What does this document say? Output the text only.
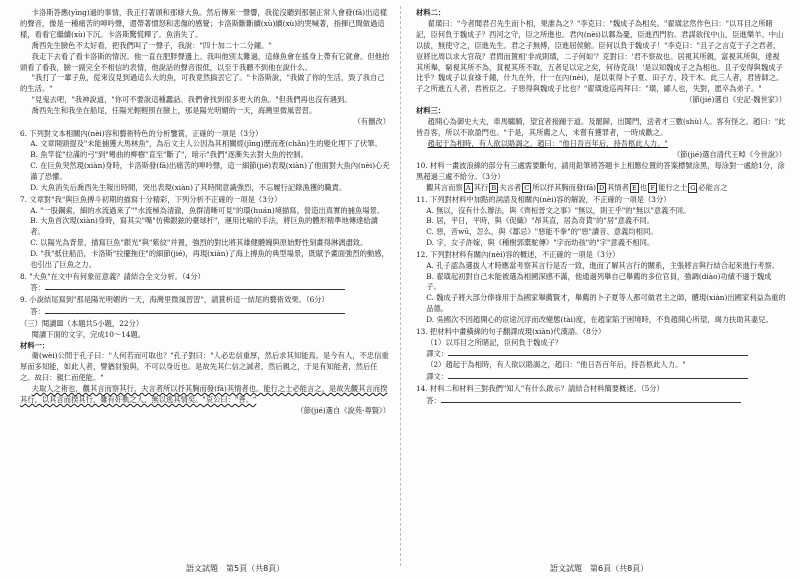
卡洛斯答應(yīng)過的事情，我正打著頭和那條大魚。然后傳來一聲響，我從沒聽到那個正常人會發(fā)出這樣的聲音，像是一種痛苦的呻吟聲，還帶著憤怒和悲傷的感覺；卡洛斯斷斷續(xù)續(xù)的哭喊著，指揮已間做過這樣，看看它繼續(xù)下沉。卡洛斯驚慌釋了。魚消失了。

喬西先生臉色不太好看，把我們叫了一聲子，我說："四十加二十二分鐘。"

我走下去看了看卡洛斯的情況。他一直在肥胖聲邊上。我叫他別太難過，這條魚會在搖身上帶有它就會。但他抬頭看了看我，臉一副完全不相信的表情，他說話的聲音很低，以至于我聽不到他在說什么。

"我打了一輩子魚，從來沒見到過這么大的魚，可我竟然搞丟它了。"卡洛斯說，"我做了你的生活，毀了我自己的生活。"

"見鬼去吧，"我神說道，"你可不要說這種蠢話。我們會找到很多更大的魚。"但我們再也沒有遇到。

喬西先生和我坐在船尾，任陽光輕輕照在臉上，那是陽光明媚的一天，海灣里微風習習。

（有刪改）

6. 下列對文本相關內(nèi)容和藝術特色的分析鑒賞，正確的一項是（3分）

A. 文章開頭提及"未能捕獲大馬林魚"，為后文主人公因為其相關經(jīng)歷而產(chǎn)生的變化埋下了伏筆。

B. 魚竿從"拉滿的弓"到"彎曲的柳樹"直至"斷了"，暗示"我們"逐漸失去對大魚的控制。

C. 在巨魚突然現(xiàn)身時，卡洛斯發(fā)出痛苦的呻吟聲，這一細節(jié)表現(xiàn)了他面對大魚內(nèi)心充滿了恐懼。

D. 大魚消失后喬西先生報出時間，突出表現(xiàn)了其時間意識強烈，不忘履行記錄漁獲的職責。

7. 文章對"我"與巨魚搏斗初期的描寫十分精彩，下列分析不正確的一項是（3分）

A. "一股鋼索，細的水流過來了""水流極為清澈，魚群清晰可見"的環(huán)境描寫，營造出真實的捕魚場景。

B. 大魚首次現(xiàn)身時，寫其尖"嘴"仿佛銀鉉的臺球杆"，運用比喻的手法，將巨魚的體形精準地傳達給讀者。

C. 以陽光為背景，描寫巨魚"銀光"與"紫紋"并置，強烈的對比將其雄健體魄與原始野性刻畫得淋漓盡致。

D. "我"抵住船沿，卡洛斯"拉擺拖住"的細節(jié)，再現(xiàn)了海上搏魚的典型場景，既賦予畫面強烈的動感，也引出了巨魚之力。

8. "大魚"在文中有何象征意義？請結合全文分析。（4分）

答：

9. 小說結尾寫到"那是陽光明媚的一天，海灣里微風習習"，請賞析這一結尾的藝術效果。（6分）

答：

（三）閱讀Ⅲ（本題共5小題，22分）

閱讀下面的文字，完成10～14題。

材料一：

衛(wèi)公問于孔子曰："人何若而可取也？"孔子對曰："人必忠信重厚，然后求其知能焉。是今有人，不忠信重厚而多知能，如此人者，譬猶豺狼與，不可以身近也。是故先其仁信之誠者，然后親之，于是有知能者，然后任之。故曰：親仁而使能。"

夫取人之術也，觀其言而察其行，夫言者所以抒其胸而發(fā)其情者也。能行之士必能言之，是故先觀其言而揆其行，以其言而揆其行，雖有奸軌之人，無以逃其情矣。"哀公曰："善。"

（節(jié)選自《說苑·尊賢》）

材料二：

翟璜曰："今者聞君召先生而卜相，果誰為之？"李克曰："魏成子為相矣。"翟璜忿然作色曰："以耳目之所睹記，臣何負于魏成子？西河之守，臣之所進也。君內(nèi)以鄴為憂，臣進西門豹。君謀欲伐中山，臣進樂羊。中山以拔，無使守之，臣進先生。君之子無傅，臣進屈侯鮒。臣何以負于魏成子！"李克曰："且子之言克于子之君者，豈將比周以求大官哉？君問而置相'非成則璜，二子何如'？克對曰：'君不察故也。居視其所親，富視其所與，達視其所舉，窮視其所不為，貧視其所不取，五者足以定之矣，何待克哉！'是以知魏成子之為相也。且子安得與魏成子比乎？魏成子以食祿千鐘，什九在外，什一在內(nèi)，是以東得卜子夏、田子方、段干木。此三人者，君皆師之。子之所進五人者，君皆臣之。子惡得與魏成子比也？"翟璜逡巡再拜曰："璜，鄙人也，失對，愿卒為弟子。"

（節(jié)選自《史記·魏世家》）

材料三：

趙開心為御史大夫，車馬騶騎，望宜者接踵于道。及罷歸，出閶門，送者才三數(shù)人。客有怪之。趙曰："此皆吾客，所以不欲盈門也。"于是，其所薦之人，未嘗有獲罪者，一時成歡之。

趙起于為相時，有人欲以賂謁之，趙曰："他日吾百年后，持吾柩此人力。"

（節(jié)選自清代王晫《今世說》）

10. 材料一畫波浪線的部分有三處需要斷句，請用鉛筆將答題卡上相應位置的答案標號涂黑，每涂對一處給1分，涂黑超過三處不給分。（3分）

觀其言而察 A 其行 B 夫言者 C 所以抒其胸而發(fā) D 其情者 E 也 F 能行之士 G 必能言之

11. 下列對材料中加點的詞語及相關內(nèi)容的解說，不正確的一項是（3分）

A. 無以，沒有什么辦法，與《齊桓晉文之事》"無以，則王乎"的"無以"意義不同。

B. 居，平日，平時，與《促織》"昂其直，居為奇貨"的"居"意義不同。

C. 惡，音wū，怎么，與《鄒忌》"惡能不拳"的"惡"讀音、意義均相同。

D. 字，女子許嫁，與《種樹郭橐駝傳》"字而幼孩"的"字"意義不相同。

12. 下列對材料有關內(nèi)容的概述，不正確的一項是（3分）

A. 孔子認為選拔人才時應當考察其言行是否一致，進而了解其言行的關系，主張將言與行結合起來進行考察。

B. 翟璜起初對自己未能被選為相國深感不滿，他通過列舉自己舉薦的多位官員，強調(diào)功績不遜于魏成子。

C. 魏成子將大部分俸祿用于為國家舉薦賢才，舉薦的卜子夏等人都可做君主之師，體現(xiàn)出國家利益為重的品德。

D. 吳國次不因趙開心的宦途沉浮而改變態(tài)度，在趙家陷于困境時，不負趙開心所望，竭力扶助其妻兒。

13. 把材料中畫橫線的句子翻譯成現(xiàn)代漢語。（8分）

（1）以耳目之所睹記，臣何負于魏成子？

譯文：

（2）趙起于為相時，有人欲以賂謁之，趙曰："他日吾百年后，持吾柩此人力。"

譯文：

14. 材料二和材料三對我們"知人"有什么啟示？請結合材料簡要概述。（5分）

答：

語文試題　第5頁（共8頁）	語文試題　第6頁（共8頁）
